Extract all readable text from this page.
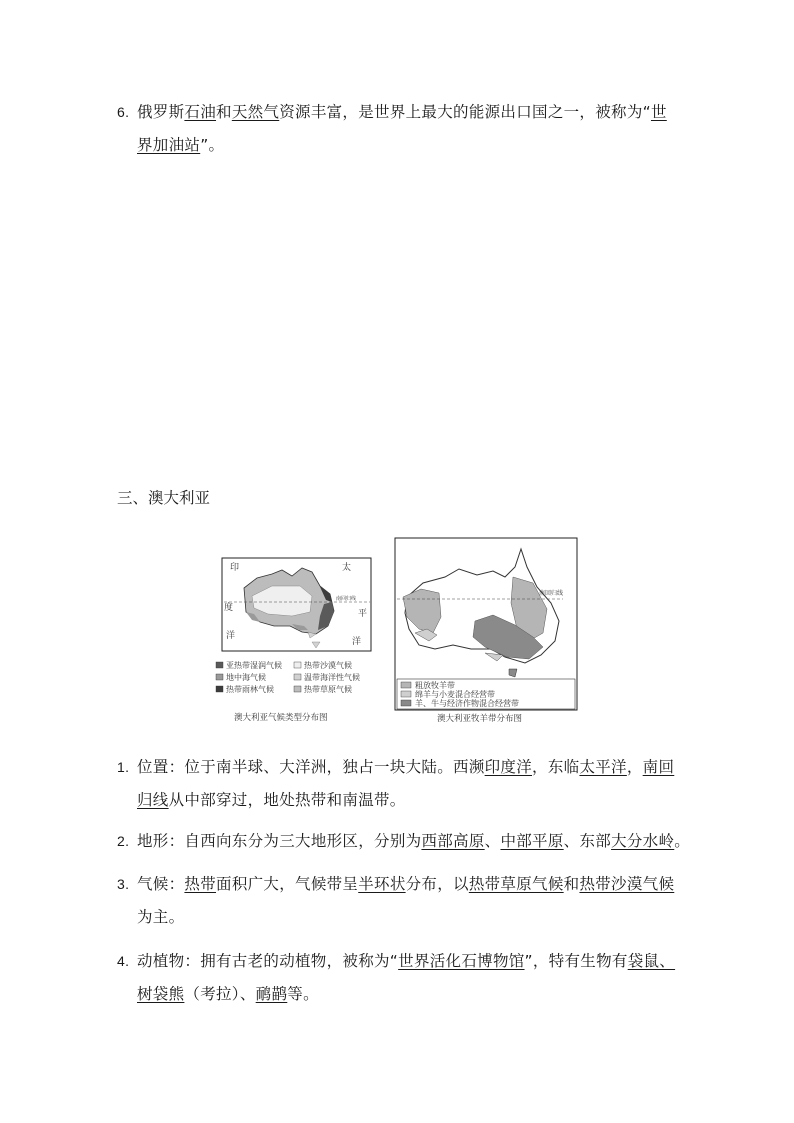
6. 俄罗斯石油和天然气资源丰富，是世界上最大的能源出口国之一，被称为“世
界加油站”。
三、澳大利亚
南回归线
印
度
洋
太
平
洋
亚热带湿润气候	热带沙漠气候
地中海气候	温带海洋性气候
热带雨林气候	热带草原气候
澳大利亚气候类型分布图
南回归线
粗放牧羊带
绵羊与小麦混合经营带
羊、牛与经济作物混合经营带
澳大利亚牧羊带分布图
1. 位置：位于南半球、大洋洲，独占一块大陆。西濒印度洋，东临太平洋，南回
归线从中部穿过，地处热带和南温带。
2. 地形：自西向东分为三大地形区，分别为西部高原、中部平原、东部大分水岭。
3. 气候：热带面积广大，气候带呈半环状分布，以热带草原气候和热带沙漠气候
为主。
4. 动植物：拥有古老的动植物，被称为“世界活化石博物馆”，特有生物有袋鼠、
树袋熊（考拉）、鸸鹋等。
